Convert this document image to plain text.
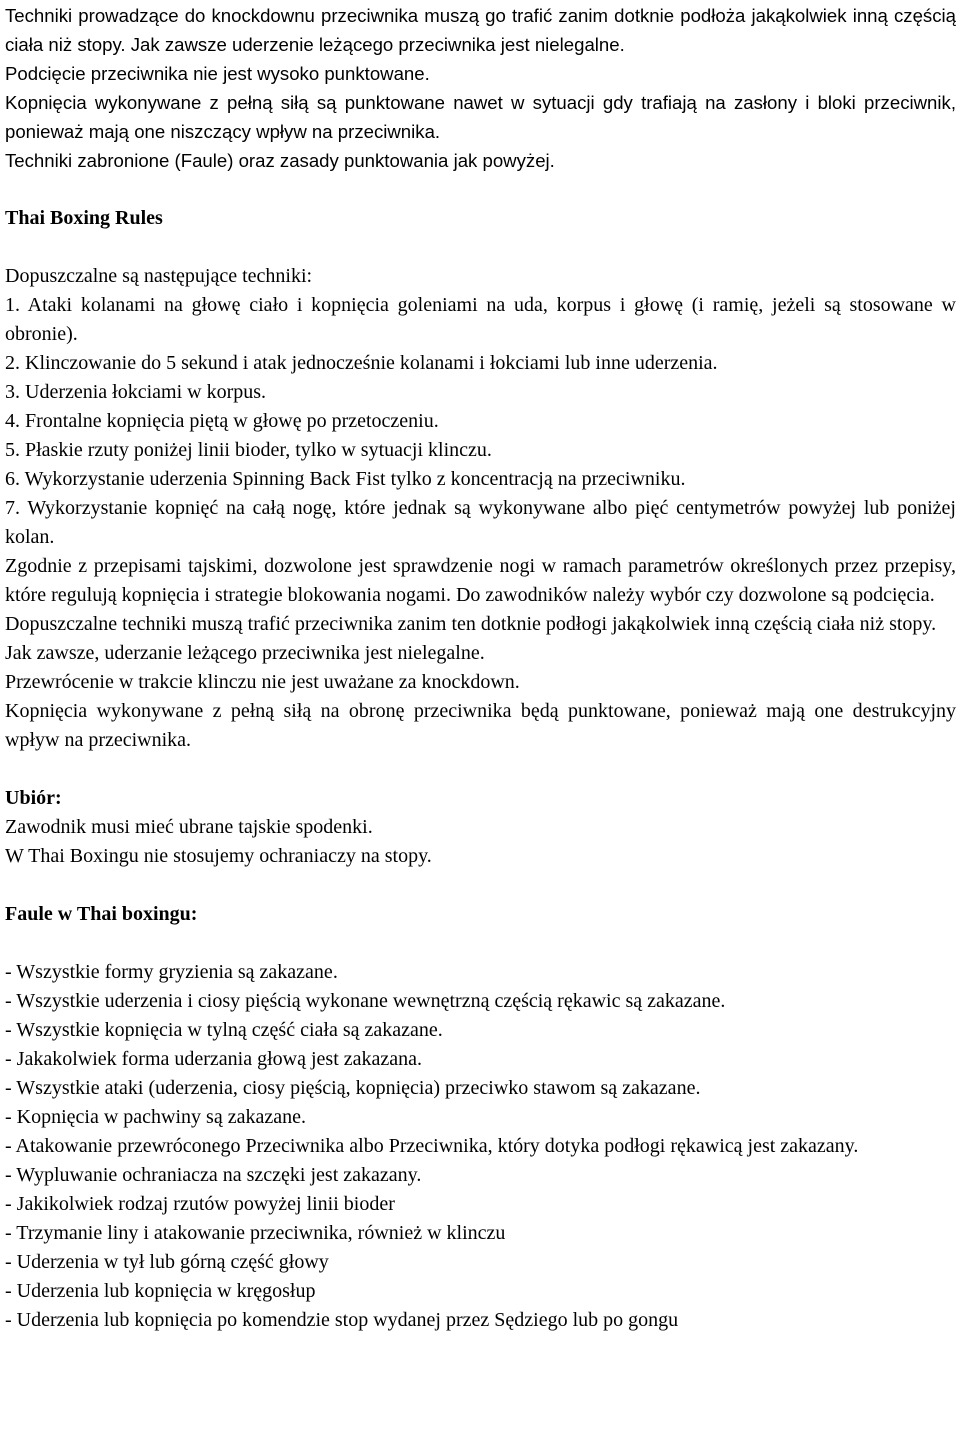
Techniki prowadzące do knockdownu przeciwnika muszą go trafić zanim dotknie podłoża jakąkolwiek inną częścią ciała niż stopy. Jak zawsze uderzenie leżącego przeciwnika jest nielegalne.

Podcięcie przeciwnika nie jest wysoko punktowane.

Kopnięcia wykonywane z pełną siłą są punktowane nawet w sytuacji gdy trafiają na zasłony i bloki przeciwnik, ponieważ mają one niszczący wpływ na przeciwnika.

Techniki zabronione (Faule) oraz zasady punktowania jak powyżej.

Thai Boxing Rules

Dopuszczalne są następujące techniki:

1. Ataki kolanami na głowę ciało i kopnięcia goleniami na uda, korpus i głowę (i ramię, jeżeli są stosowane w obronie).

2. Klinczowanie do 5 sekund i atak jednocześnie kolanami i łokciami lub inne uderzenia.

3. Uderzenia łokciami w korpus.

4. Frontalne kopnięcia piętą w głowę po przetoczeniu.

5. Płaskie rzuty poniżej linii bioder, tylko w sytuacji klinczu.

6. Wykorzystanie uderzenia Spinning Back Fist tylko z koncentracją na przeciwniku.

7. Wykorzystanie kopnięć na całą nogę, które jednak są wykonywane albo pięć centymetrów powyżej lub poniżej kolan.

Zgodnie z przepisami tajskimi, dozwolone jest sprawdzenie nogi w ramach parametrów określonych przez przepisy, które regulują kopnięcia i strategie blokowania nogami. Do zawodników należy wybór czy dozwolone są podcięcia.

Dopuszczalne techniki muszą trafić przeciwnika zanim ten dotknie podłogi jakąkolwiek inną częścią ciała niż stopy.

Jak zawsze, uderzanie leżącego przeciwnika jest nielegalne.

Przewrócenie w trakcie klinczu nie jest uważane za knockdown.

Kopnięcia wykonywane z pełną siłą na obronę przeciwnika będą punktowane, ponieważ mają one destrukcyjny wpływ na przeciwnika.

Ubiór:

Zawodnik musi mieć ubrane tajskie spodenki.

W Thai Boxingu nie stosujemy ochraniaczy na stopy.

Faule w Thai boxingu:

- Wszystkie formy gryzienia są zakazane.

- Wszystkie uderzenia i ciosy pięścią wykonane wewnętrzną częścią rękawic są zakazane.

- Wszystkie kopnięcia w tylną część ciała są zakazane.

- Jakakolwiek forma uderzania głową jest zakazana.

- Wszystkie ataki (uderzenia, ciosy pięścią, kopnięcia) przeciwko stawom są zakazane.

- Kopnięcia w pachwiny są zakazane.

- Atakowanie przewróconego Przeciwnika albo Przeciwnika, który dotyka podłogi rękawicą jest zakazany.

- Wypluwanie ochraniacza na szczęki jest zakazany.

- Jakikolwiek rodzaj rzutów powyżej linii bioder

- Trzymanie liny i atakowanie przeciwnika, również w klinczu

- Uderzenia w tył lub górną część głowy

- Uderzenia lub kopnięcia w kręgosłup

- Uderzenia lub kopnięcia po komendzie stop wydanej przez Sędziego lub po gongu
